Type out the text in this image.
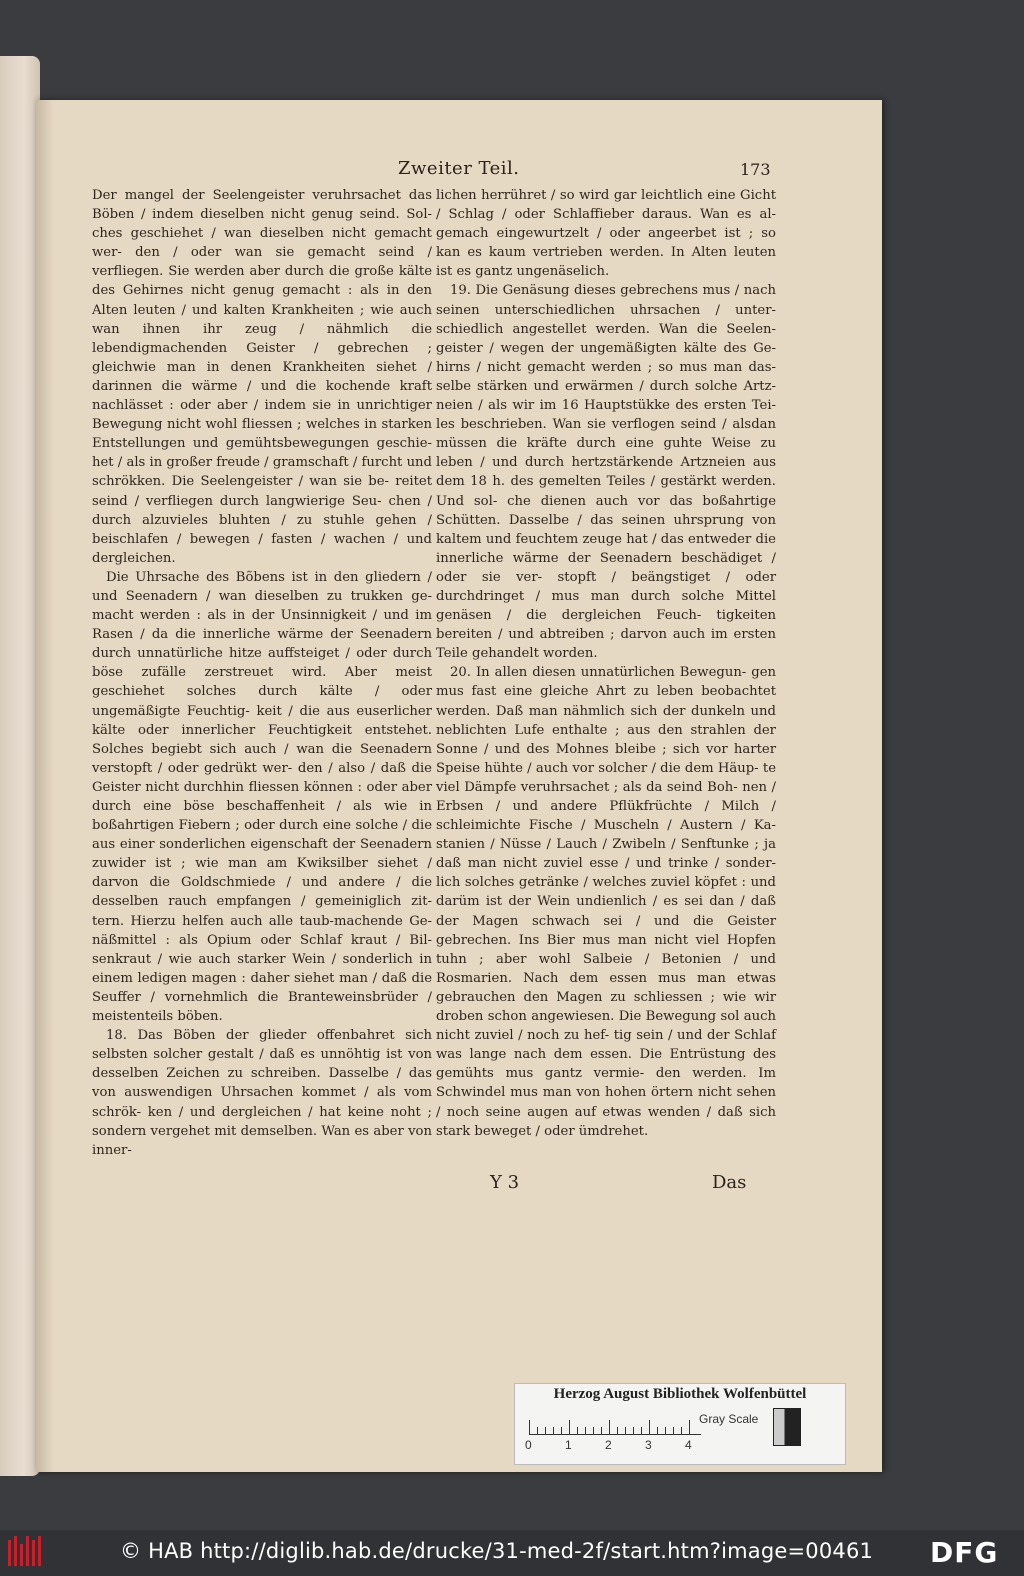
Zweiter Teil.	173

Der mangel der Seelengeister veruhrsachet das Böben / indem dieselben nicht genug seind. Sol- ches geschiehet / wan dieselben nicht gemacht wer- den / oder wan sie gemacht seind / verfliegen. Sie werden aber durch die große kälte des Gehirnes nicht genug gemacht : als in den Alten leuten / und kalten Krankheiten ; wie auch wan ihnen ihr zeug / nähmlich die lebendigmachenden Geister / gebrechen ; gleichwie man in denen Krankheiten siehet / darinnen die wärme / und die kochende kraft nachlässet : oder aber / indem sie in unrichtiger Bewegung nicht wohl fliessen ; welches in starken Entstellungen und gemühtsbewegungen geschie- het / als in großer freude / gramschaft / furcht und schrökken. Die Seelengeister / wan sie be- reitet seind / verfliegen durch langwierige Seu- chen / durch alzuvieles bluhten / zu stuhle gehen / beischlafen / bewegen / fasten / wachen / und dergleichen.

Die Uhrsache des Bõbens ist in den gliedern / und Seenadern / wan dieselben zu trukken ge- macht werden : als in der Unsinnigkeit / und im Rasen / da die innerliche wärme der Seenadern durch unnatürliche hitze auffsteiget / oder durch böse zufälle zerstreuet wird. Aber meist geschiehet solches durch kälte / oder ungemäßigte Feuchtig- keit / die aus euserlicher kälte oder innerlicher Feuchtigkeit entstehet. Solches begiebt sich auch / wan die Seenadern verstopft / oder gedrükt wer- den / also / daß die Geister nicht durchhin fliessen können : oder aber durch eine böse beschaffenheit / als wie in boßahrtigen Fiebern ; oder durch eine solche / die aus einer sonderlichen eigenschaft der Seenadern zuwider ist ; wie man am Kwiksilber siehet / darvon die Goldschmiede / und andere / die desselben rauch empfangen / gemeiniglich zit- tern. Hierzu helfen auch alle taub-machende Ge- näßmittel : als Opium oder Schlaf kraut / Bil- senkraut / wie auch starker Wein / sonderlich in einem ledigen magen : daher siehet man / daß die Seuffer / vornehmlich die Branteweinsbrüder / meistenteils böben.

18. Das Böben der glieder offenbahret sich selbsten solcher gestalt / daß es unnöhtig ist von desselben Zeichen zu schreiben. Dasselbe / das von auswendigen Uhrsachen kommet / als vom schrök- ken / und dergleichen / hat keine noht ; sondern vergehet mit demselben. Wan es aber von inner-

lichen herrühret / so wird gar leichtlich eine Gicht / Schlag / oder Schlaffieber daraus. Wan es al- gemach eingewurtzelt / oder angeerbet ist ; so kan es kaum vertrieben werden. In Alten leuten ist es gantz ungenäselich.

19. Die Genäsung dieses gebrechens mus / nach seinen unterschiedlichen uhrsachen / unter- schiedlich angestellet werden. Wan die Seelen- geister / wegen der ungemäßigten kälte des Ge- hirns / nicht gemacht werden ; so mus man das- selbe stärken und erwärmen / durch solche Artz- neien / als wir im 16 Hauptstükke des ersten Tei- les beschrieben. Wan sie verflogen seind / alsdan müssen die kräfte durch eine guhte Weise zu leben / und durch hertzstärkende Artzneien aus dem 18 h. des gemelten Teiles / gestärkt werden. Und sol- che dienen auch vor das boßahrtige Schütten. Dasselbe / das seinen uhrsprung von kaltem und feuchtem zeuge hat / das entweder die innerliche wärme der Seenadern beschädiget / oder sie ver- stopft / beängstiget / oder durchdringet / mus man durch solche Mittel genäsen / die dergleichen Feuch- tigkeiten bereiten / und abtreiben ; darvon auch im ersten Teile gehandelt worden.

20. In allen diesen unnatürlichen Bewegun- gen mus fast eine gleiche Ahrt zu leben beobachtet werden. Daß man nähmlich sich der dunkeln und neblichten Lufe enthalte ; aus den strahlen der Sonne / und des Mohnes bleibe ; sich vor harter Speise hühte / auch vor solcher / die dem Häup- te viel Dämpfe veruhrsachet ; als da seind Boh- nen / Erbsen / und andere Pflükfrüchte / Milch / schleimichte Fische / Muscheln / Austern / Ka- stanien / Nüsse / Lauch / Zwibeln / Senftunke ; ja daß man nicht zuviel esse / und trinke / sonder- lich solches getränke / welches zuviel köpfet : und darüm ist der Wein undienlich / es sei dan / daß der Magen schwach sei / und die Geister gebrechen. Ins Bier mus man nicht viel Hopfen tuhn ; aber wohl Salbeie / Betonien / und Rosmarien. Nach dem essen mus man etwas gebrauchen den Magen zu schliessen ; wie wir droben schon angewiesen. Die Bewegung sol auch nicht zuviel / noch zu hef- tig sein / und der Schlaf was lange nach dem essen. Die Entrüstung des gemühts mus gantz vermie- den werden. Im Schwindel mus man von hohen örtern nicht sehen / noch seine augen auf etwas wenden / daß sich stark beweget / oder ümdrehet.

Y 3	Das
Herzog August Bibliothek Wolfenbüttel
0	1	2	3	4
Gray Scale
© HAB http://diglib.hab.de/drucke/31-med-2f/start.htm?image=00461 DFG
